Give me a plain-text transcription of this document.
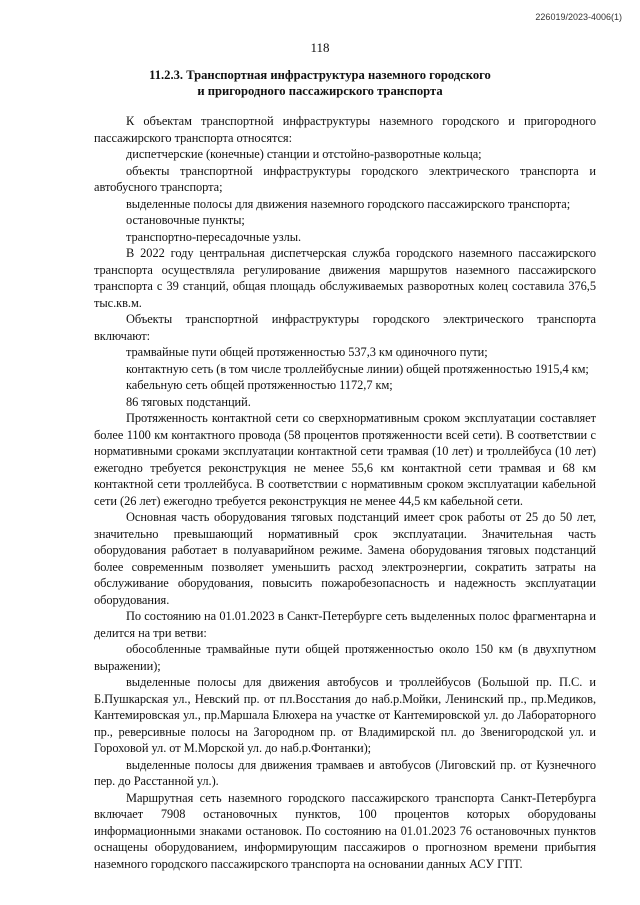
226019/2023-4006(1)
118
11.2.3. Транспортная инфраструктура наземного городского
и пригородного пассажирского транспорта

К объектам транспортной инфраструктуры наземного городского и пригородного пассажирского транспорта относятся:

диспетчерские (конечные) станции и отстойно-разворотные кольца;

объекты транспортной инфраструктуры городского электрического транспорта и автобусного транспорта;

выделенные полосы для движения наземного городского пассажирского транспорта;

остановочные пункты;

транспортно-пересадочные узлы.

В 2022 году центральная диспетчерская служба городского наземного пассажирского транспорта осуществляла регулирование движения маршрутов наземного пассажирского транспорта с 39 станций, общая площадь обслуживаемых разворотных колец составила 376,5 тыс.кв.м.

Объекты транспортной инфраструктуры городского электрического транспорта включают:

трамвайные пути общей протяженностью 537,3 км одиночного пути;

контактную сеть (в том числе троллейбусные линии) общей протяженностью 1915,4 км;

кабельную сеть общей протяженностью 1172,7 км;

86 тяговых подстанций.

Протяженность контактной сети со сверхнормативным сроком эксплуатации составляет более 1100 км контактного провода (58 процентов протяженности всей сети). В соответствии с нормативными сроками эксплуатации контактной сети трамвая (10 лет) и троллейбуса (10 лет) ежегодно требуется реконструкция не менее 55,6 км контактной сети трамвая и 68 км контактной сети троллейбуса. В соответствии с нормативным сроком эксплуатации кабельной сети (26 лет) ежегодно требуется реконструкция не менее 44,5 км кабельной сети.

Основная часть оборудования тяговых подстанций имеет срок работы от 25 до 50 лет, значительно превышающий нормативный срок эксплуатации. Значительная часть оборудования работает в полуаварийном режиме. Замена оборудования тяговых подстанций более современным позволяет уменьшить расход электроэнергии, сократить затраты на обслуживание оборудования, повысить пожаробезопасность и надежность эксплуатации оборудования.

По состоянию на 01.01.2023 в Санкт-Петербурге сеть выделенных полос фрагментарна и делится на три ветви:

обособленные трамвайные пути общей протяженностью около 150 км (в двухпутном выражении);

выделенные полосы для движения автобусов и троллейбусов (Большой пр. П.С. и Б.Пушкарская ул., Невский пр. от пл.Восстания до наб.р.Мойки, Ленинский пр., пр.Медиков, Кантемировская ул., пр.Маршала Блюхера на участке от Кантемировской ул. до Лабораторного пр., реверсивные полосы на Загородном пр. от Владимирской пл. до Звенигородской ул. и Гороховой ул. от М.Морской ул. до наб.р.Фонтанки);

выделенные полосы для движения трамваев и автобусов (Лиговский пр. от Кузнечного пер. до Расстанной ул.).

Маршрутная сеть наземного городского пассажирского транспорта Санкт-Петербурга включает 7908 остановочных пунктов, 100 процентов которых оборудованы информационными знаками остановок. По состоянию на 01.01.2023 76 остановочных пунктов оснащены оборудованием, информирующим пассажиров о прогнозном времени прибытия наземного городского пассажирского транспорта на основании данных АСУ ГПТ.
